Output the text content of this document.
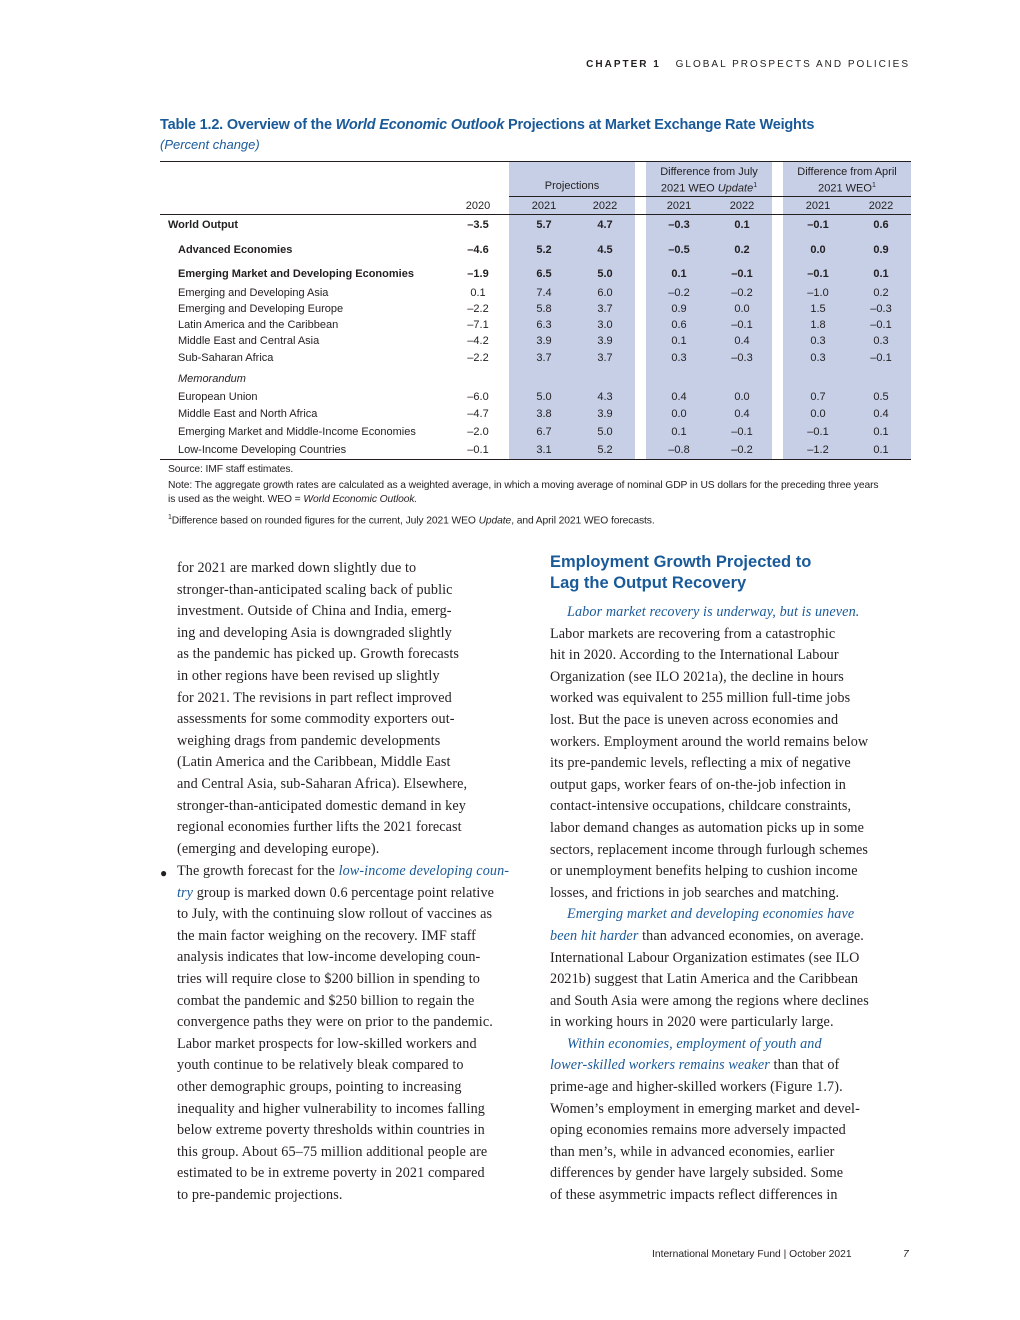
CHAPTER 1 GLOBAL PROSPECTS AND POLICIES
Table 1.2. Overview of the World Economic Outlook Projections at Market Exchange Rate Weights
(Percent change)
Projections
Difference from July
2021 WEO Update$^1$
Difference from April
2021 WEO$^1$
2020	2021	2022	2021	2022	2021	2022
World Output	–3.5	5.7	4.7	–0.3	0.1	–0.1	0.6
Advanced Economies	–4.6	5.2	4.5	–0.5	0.2	0.0	0.9
Emerging Market and Developing Economies	–1.9	6.5	5.0	0.1	–0.1	–0.1	0.1
Emerging and Developing Asia	0.1	7.4	6.0	–0.2	–0.2	–1.0	0.2
Emerging and Developing Europe	–2.2	5.8	3.7	0.9	0.0	1.5	–0.3
Latin America and the Caribbean	–7.1	6.3	3.0	0.6	–0.1	1.8	–0.1
Middle East and Central Asia	–4.2	3.9	3.9	0.1	0.4	0.3	0.3
Sub-Saharan Africa	–2.2	3.7	3.7	0.3	–0.3	0.3	–0.1
European Union	–6.0	5.0	4.3	0.4	0.0	0.7	0.5
Middle East and North Africa	–4.7	3.8	3.9	0.0	0.4	0.0	0.4
Emerging Market and Middle-Income Economies	–2.0	6.7	5.0	0.1	–0.1	–0.1	0.1
Low-Income Developing Countries	–0.1	3.1	5.2	–0.8	–0.2	–1.2	0.1
Memorandum
Source: IMF staff estimates.
Note: The aggregate growth rates are calculated as a weighted average, in which a moving average of nominal GDP in US dollars for the preceding three years
is used as the weight. WEO = World Economic Outlook.
$^1$Difference based on rounded figures for the current, July 2021 WEO Update, and April 2021 WEO forecasts.

for 2021 are marked down slightly due to

stronger-than-anticipated scaling back of public

investment. Outside of China and India, emerg-

ing and developing Asia is downgraded slightly

as the pandemic has picked up. Growth forecasts

in other regions have been revised up slightly

for 2021. The revisions in part reflect improved

assessments for some commodity exporters out-

weighing drags from pandemic developments

(Latin America and the Caribbean, Middle East

and Central Asia, sub-Saharan Africa). Elsewhere,

stronger-than-anticipated domestic demand in key

regional economies further lifts the 2021 forecast

(emerging and developing europe).

● The growth forecast for the low-income developing coun-

try group is marked down 0.6 percentage point relative

to July, with the continuing slow rollout of vaccines as

the main factor weighing on the recovery. IMF staff

analysis indicates that low-income developing coun-

tries will require close to $200 billion in spending to

combat the pandemic and $250 billion to regain the

convergence paths they were on prior to the pandemic.

Labor market prospects for low-skilled workers and

youth continue to be relatively bleak compared to

other demographic groups, pointing to increasing

inequality and higher vulnerability to incomes falling

below extreme poverty thresholds within countries in

this group. About 65–75 million additional people are

estimated to be in extreme poverty in 2021 compared

to pre-pandemic projections.

Employment Growth Projected to
Lag the Output Recovery

Labor market recovery is underway, but is uneven.

Labor markets are recovering from a catastrophic

hit in 2020. According to the International Labour

Organization (see ILO 2021a), the decline in hours

worked was equivalent to 255 million full-time jobs

lost. But the pace is uneven across economies and

workers. Employment around the world remains below

its pre-pandemic levels, reflecting a mix of negative

output gaps, worker fears of on-the-job infection in

contact-intensive occupations, childcare constraints,

labor demand changes as automation picks up in some

sectors, replacement income through furlough schemes

or unemployment benefits helping to cushion income

losses, and frictions in job searches and matching.

Emerging market and developing economies have

been hit harder than advanced economies, on average.

International Labour Organization estimates (see ILO

2021b) suggest that Latin America and the Caribbean

and South Asia were among the regions where declines

in working hours in 2020 were particularly large.

Within economies, employment of youth and

lower-skilled workers remains weaker than that of

prime-age and higher-skilled workers (Figure 1.7).

Women’s employment in emerging market and devel-

oping economies remains more adversely impacted

than men’s, while in advanced economies, earlier

differences by gender have largely subsided. Some

of these asymmetric impacts reflect differences in

International Monetary Fund | October 2021	7
